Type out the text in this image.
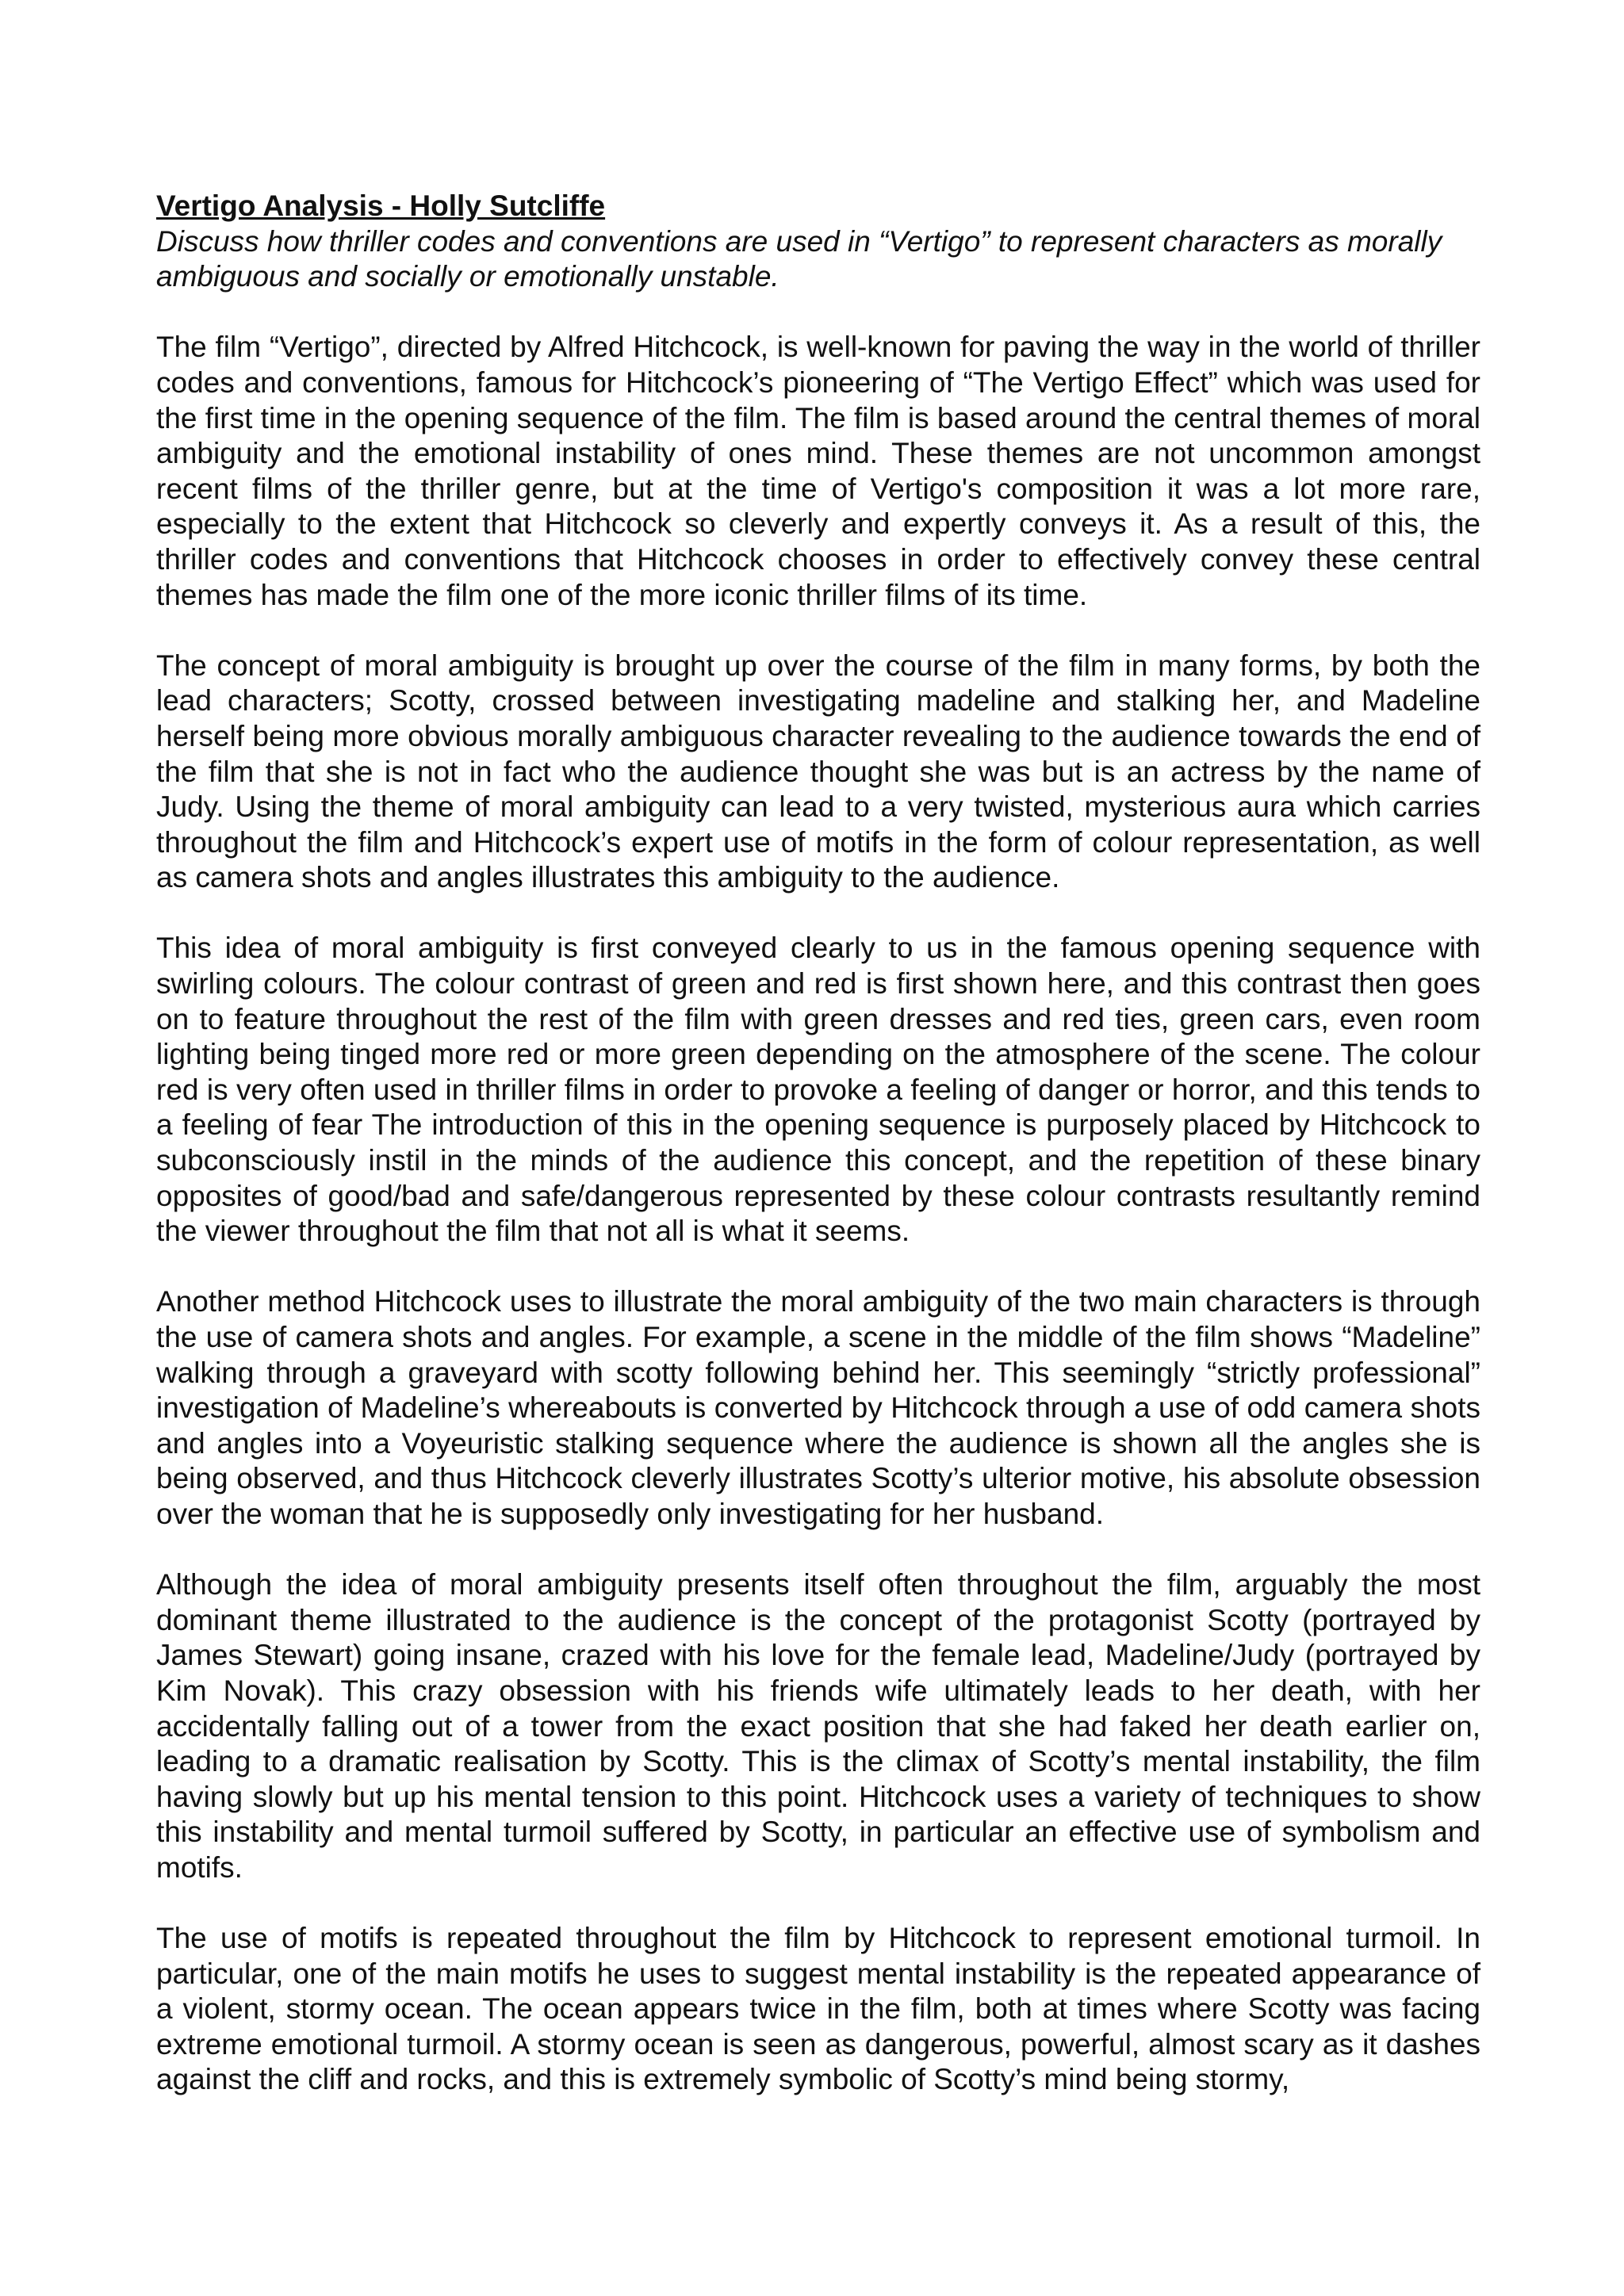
Vertigo Analysis - Holly Sutcliffe

Discuss how thriller codes and conventions are used in “Vertigo” to represent characters as morally ambiguous and socially or emotionally unstable.

The film “Vertigo”, directed by Alfred Hitchcock, is well-known for paving the way in the world of thriller codes and conventions, famous for Hitchcock’s pioneering of “The Vertigo Effect” which was used for the first time in the opening sequence of the film. The film is based around the central themes of moral ambiguity and the emotional instability of ones mind. These themes are not uncommon amongst recent films of the thriller genre, but at the time of Vertigo's composition it was a lot more rare, especially to the extent that Hitchcock so cleverly and expertly conveys it. As a result of this, the thriller codes and conventions that Hitchcock chooses in order to effectively convey these central themes has made the film one of the more iconic thriller films of its time.

The concept of moral ambiguity is brought up over the course of the film in many forms, by both the lead characters; Scotty, crossed between investigating madeline and stalking her, and Madeline herself being more obvious morally ambiguous character revealing to the audience towards the end of the film that she is not in fact who the audience thought she was but is an actress by the name of Judy. Using the theme of moral ambiguity can lead to a very twisted, mysterious aura which carries throughout the film and Hitchcock’s expert use of motifs in the form of colour representation, as well as camera shots and angles illustrates this ambiguity to the audience.

This idea of moral ambiguity is first conveyed clearly to us in the famous opening sequence with swirling colours. The colour contrast of green and red is first shown here, and this contrast then goes on to feature throughout the rest of the film with green dresses and red ties, green cars, even room lighting being tinged more red or more green depending on the atmosphere of the scene. The colour red is very often used in thriller films in order to provoke a feeling of danger or horror, and this tends to a feeling of fear The introduction of this in the opening sequence is purposely placed by Hitchcock to subconsciously instil in the minds of the audience this concept, and the repetition of these binary opposites of good/bad and safe/dangerous represented by these colour contrasts resultantly remind the viewer throughout the film that not all is what it seems.

Another method Hitchcock uses to illustrate the moral ambiguity of the two main characters is through the use of camera shots and angles. For example, a scene in the middle of the film shows “Madeline” walking through a graveyard with scotty following behind her. This seemingly “strictly professional” investigation of Madeline’s whereabouts is converted by Hitchcock through a use of odd camera shots and angles into a Voyeuristic stalking sequence where the audience is shown all the angles she is being observed, and thus Hitchcock cleverly illustrates Scotty’s ulterior motive, his absolute obsession over the woman that he is supposedly only investigating for her husband.

Although the idea of moral ambiguity presents itself often throughout the film, arguably the most dominant theme illustrated to the audience is the concept of the protagonist Scotty (portrayed by James Stewart) going insane, crazed with his love for the female lead, Madeline/Judy (portrayed by Kim Novak). This crazy obsession with his friends wife ultimately leads to her death, with her accidentally falling out of a tower from the exact position that she had faked her death earlier on, leading to a dramatic realisation by Scotty. This is the climax of Scotty’s mental instability, the film having slowly but up his mental tension to this point. Hitchcock uses a variety of techniques to show this instability and mental turmoil suffered by Scotty, in particular an effective use of symbolism and motifs.

The use of motifs is repeated throughout the film by Hitchcock to represent emotional turmoil. In particular, one of the main motifs he uses to suggest mental instability is the repeated appearance of a violent, stormy ocean. The ocean appears twice in the film, both at times where Scotty was facing extreme emotional turmoil. A stormy ocean is seen as dangerous, powerful, almost scary as it dashes against the cliff and rocks, and this is extremely symbolic of Scotty’s mind being stormy,
